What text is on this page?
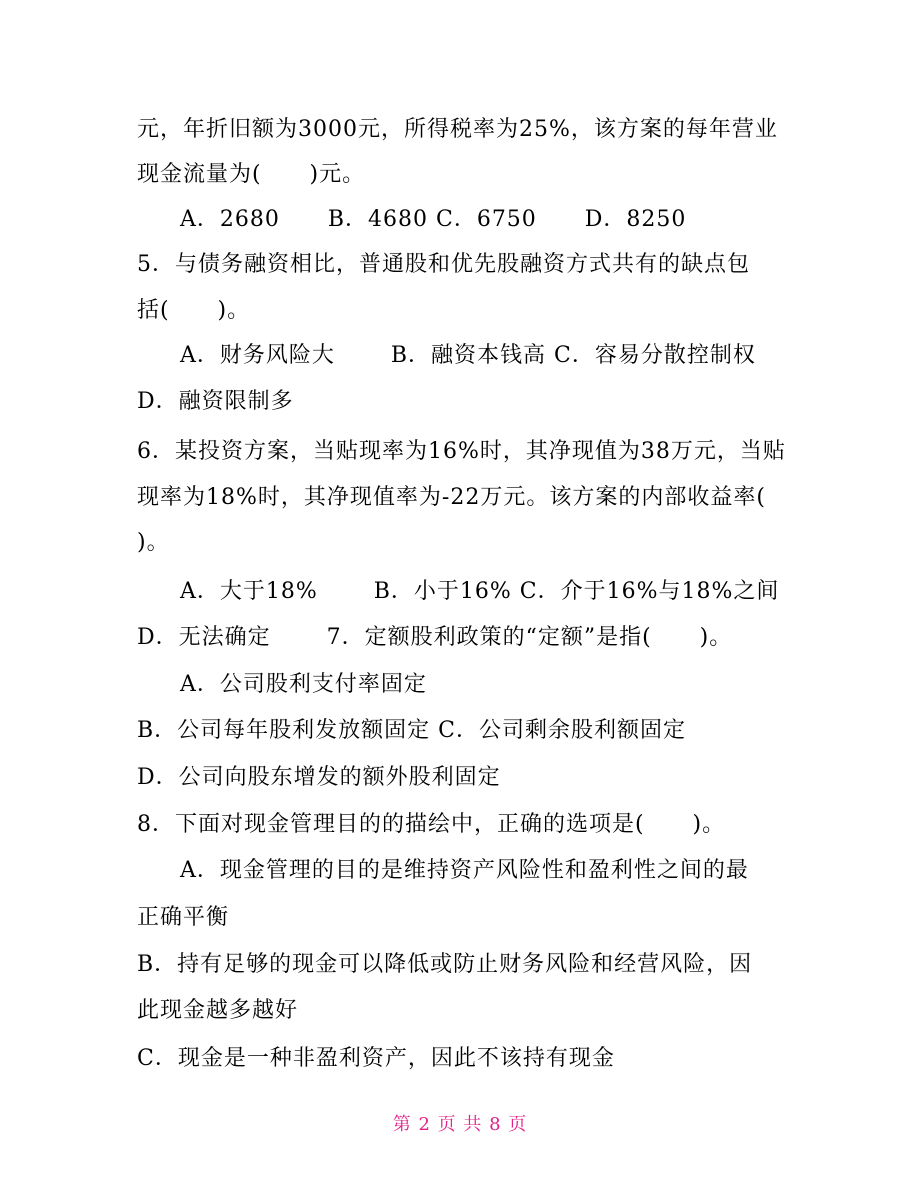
元，年折旧额为3000元，所得税率为25%，该方案的每年营业

现金流量为(      )元。

A．2680      B．4680 C．6750      D．8250

5．与债务融资相比，普通股和优先股融资方式共有的缺点包

括(      )。

A．财务风险大       B．融资本钱高 C．容易分散控制权

D．融资限制多

6．某投资方案，当贴现率为16%时，其净现值为38万元，当贴

现率为18%时，其净现值率为-22万元。该方案的内部收益率(

)。

A．大于18%       B．小于16% C．介于16%与18%之间

D．无法确定       7．定额股利政策的“定额”是指(      )。

A．公司股利支付率固定

B．公司每年股利发放额固定 C．公司剩余股利额固定

D．公司向股东增发的额外股利固定

8．下面对现金管理目的的描绘中，正确的选项是(      )。

A．现金管理的目的是维持资产风险性和盈利性之间的最

正确平衡

B．持有足够的现金可以降低或防止财务风险和经营风险，因

此现金越多越好

C．现金是一种非盈利资产，因此不该持有现金

第 2 页 共 8 页
